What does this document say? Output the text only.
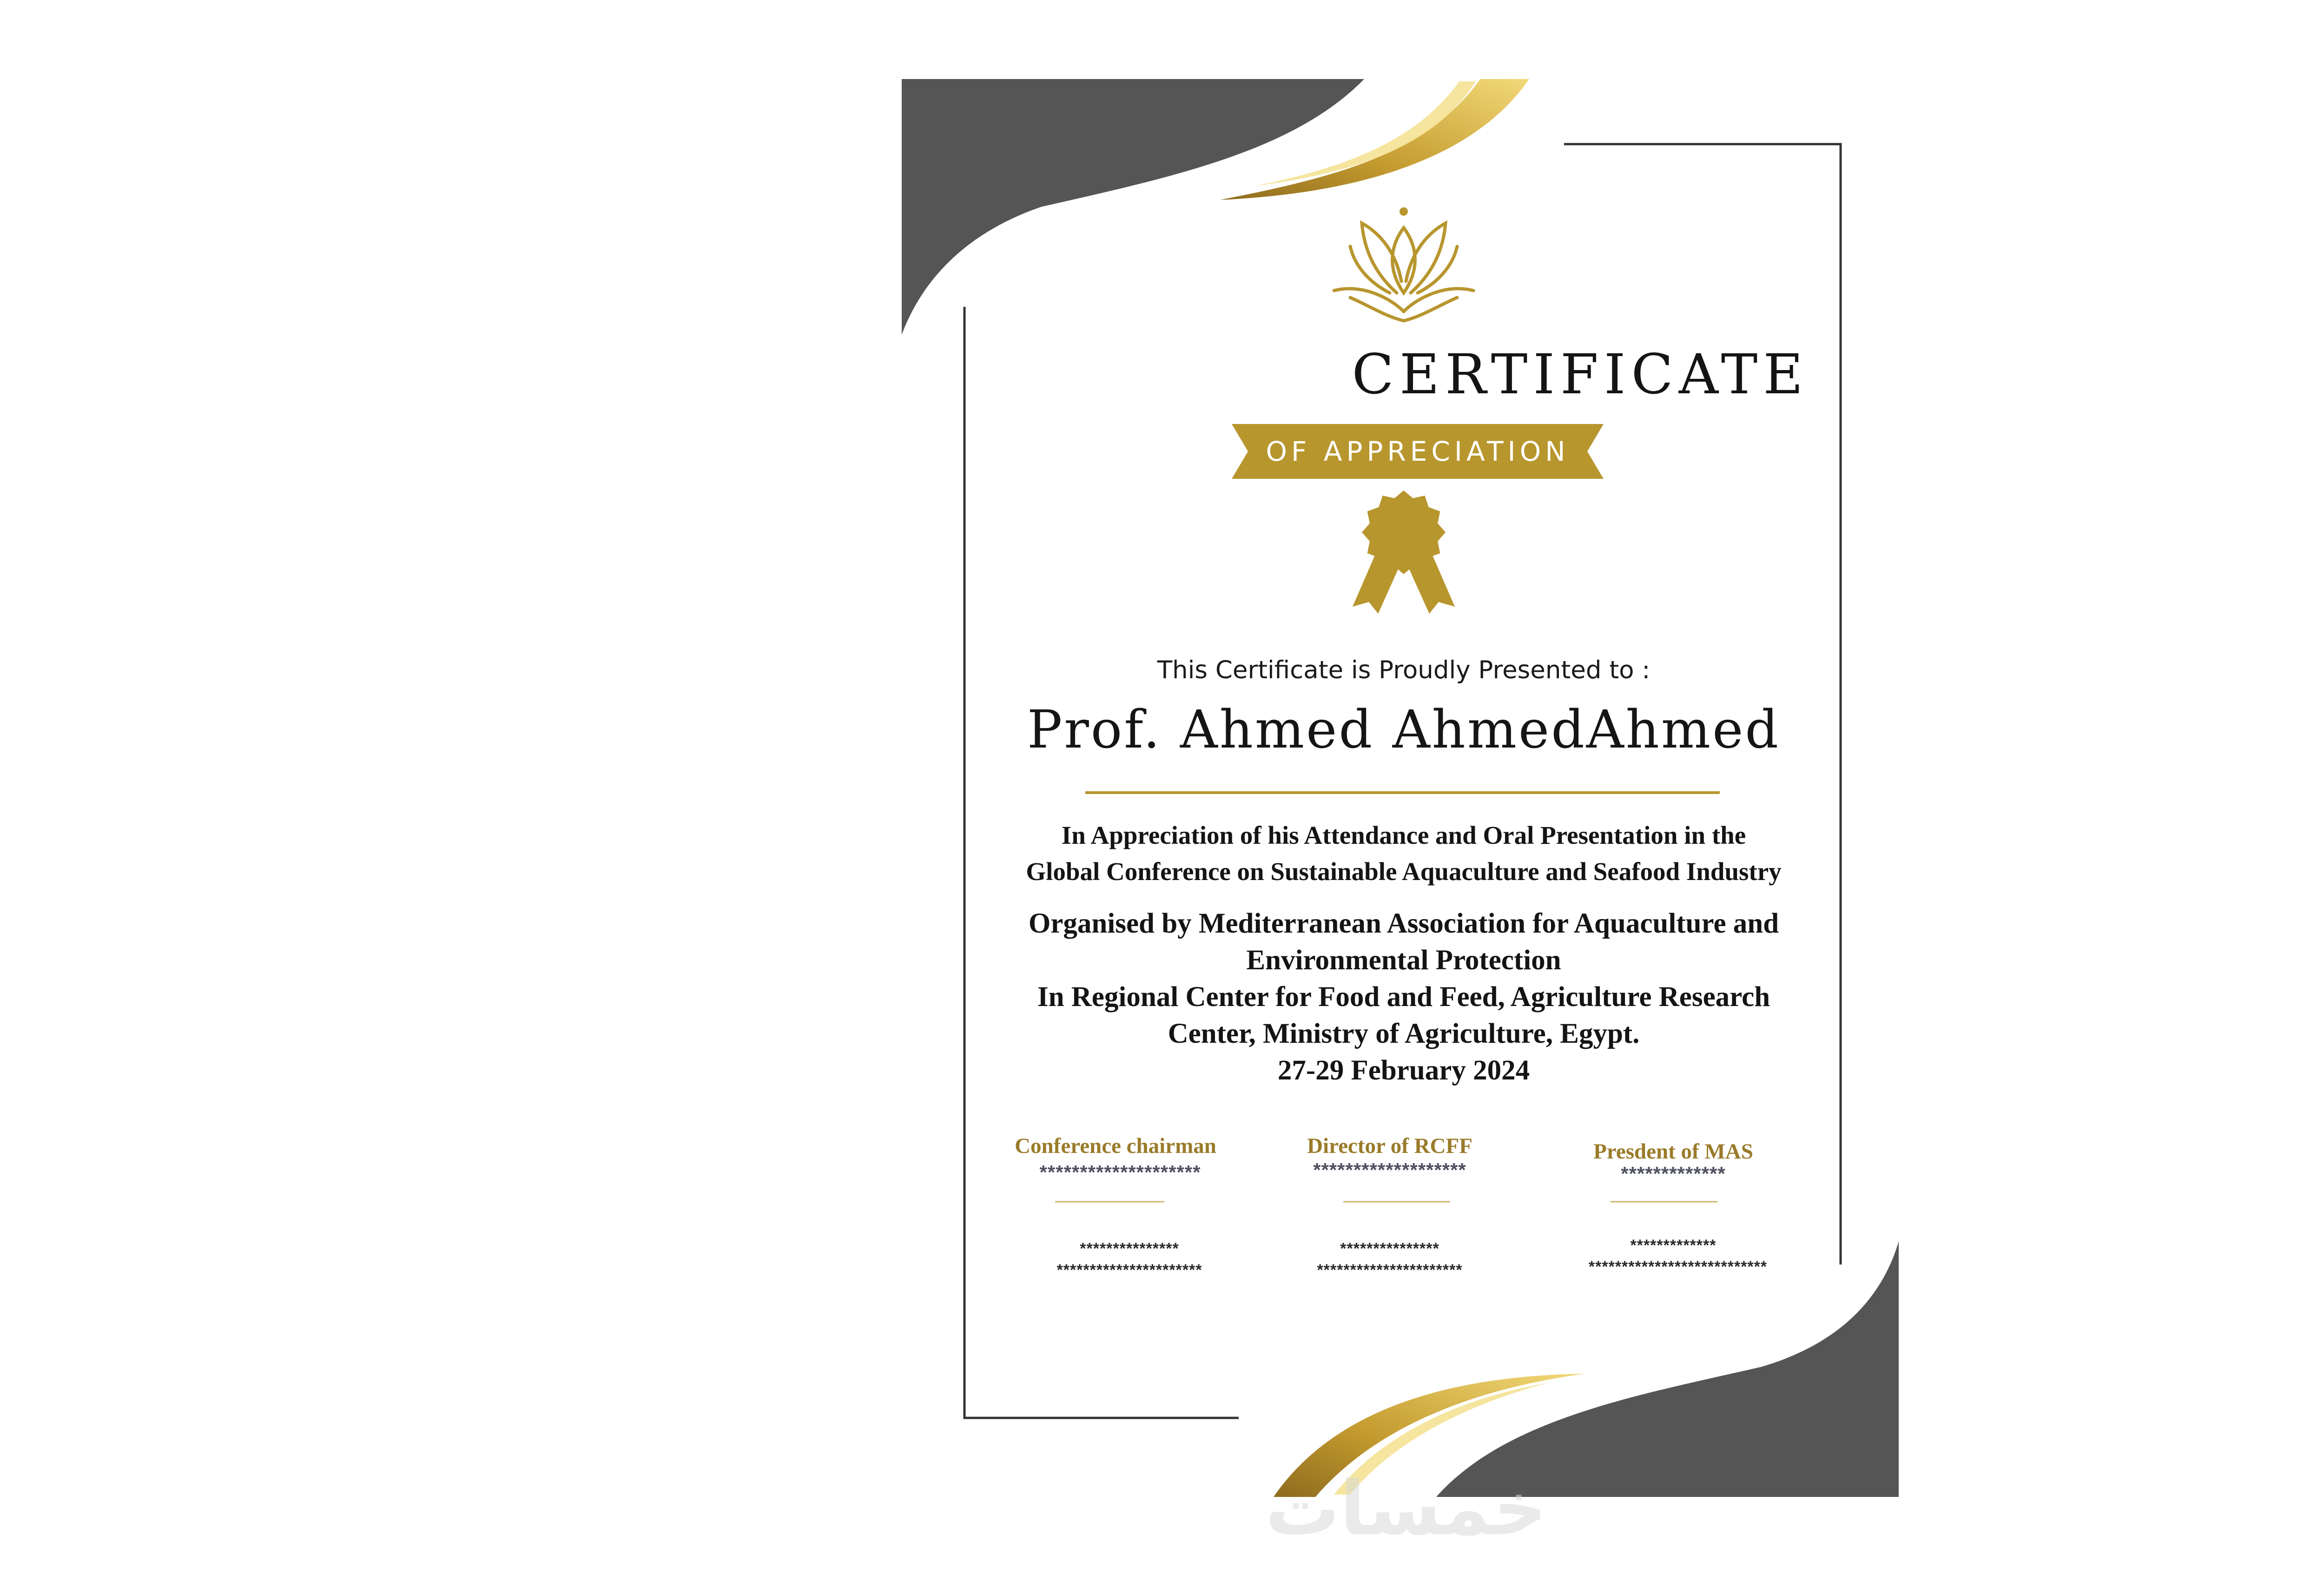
CERTIFICATE
OF APPRECIATION
This Certificate is Proudly Presented to :
Prof. Ahmed AhmedAhmed
In Appreciation of his Attendance and Oral Presentation in the
Global Conference on Sustainable Aquaculture and Seafood Industry
Organised by Mediterranean Association for Aquaculture and
Environmental Protection
In Regional Center for Food and Feed, Agriculture Research
Center, Ministry of Agriculture, Egypt.
27-29 February 2024
Conference chairman
********************
***************
**********************
Director of RCFF
*******************
***************
**********************
Presdent of MAS
*************
*************
***************************
خمسات
